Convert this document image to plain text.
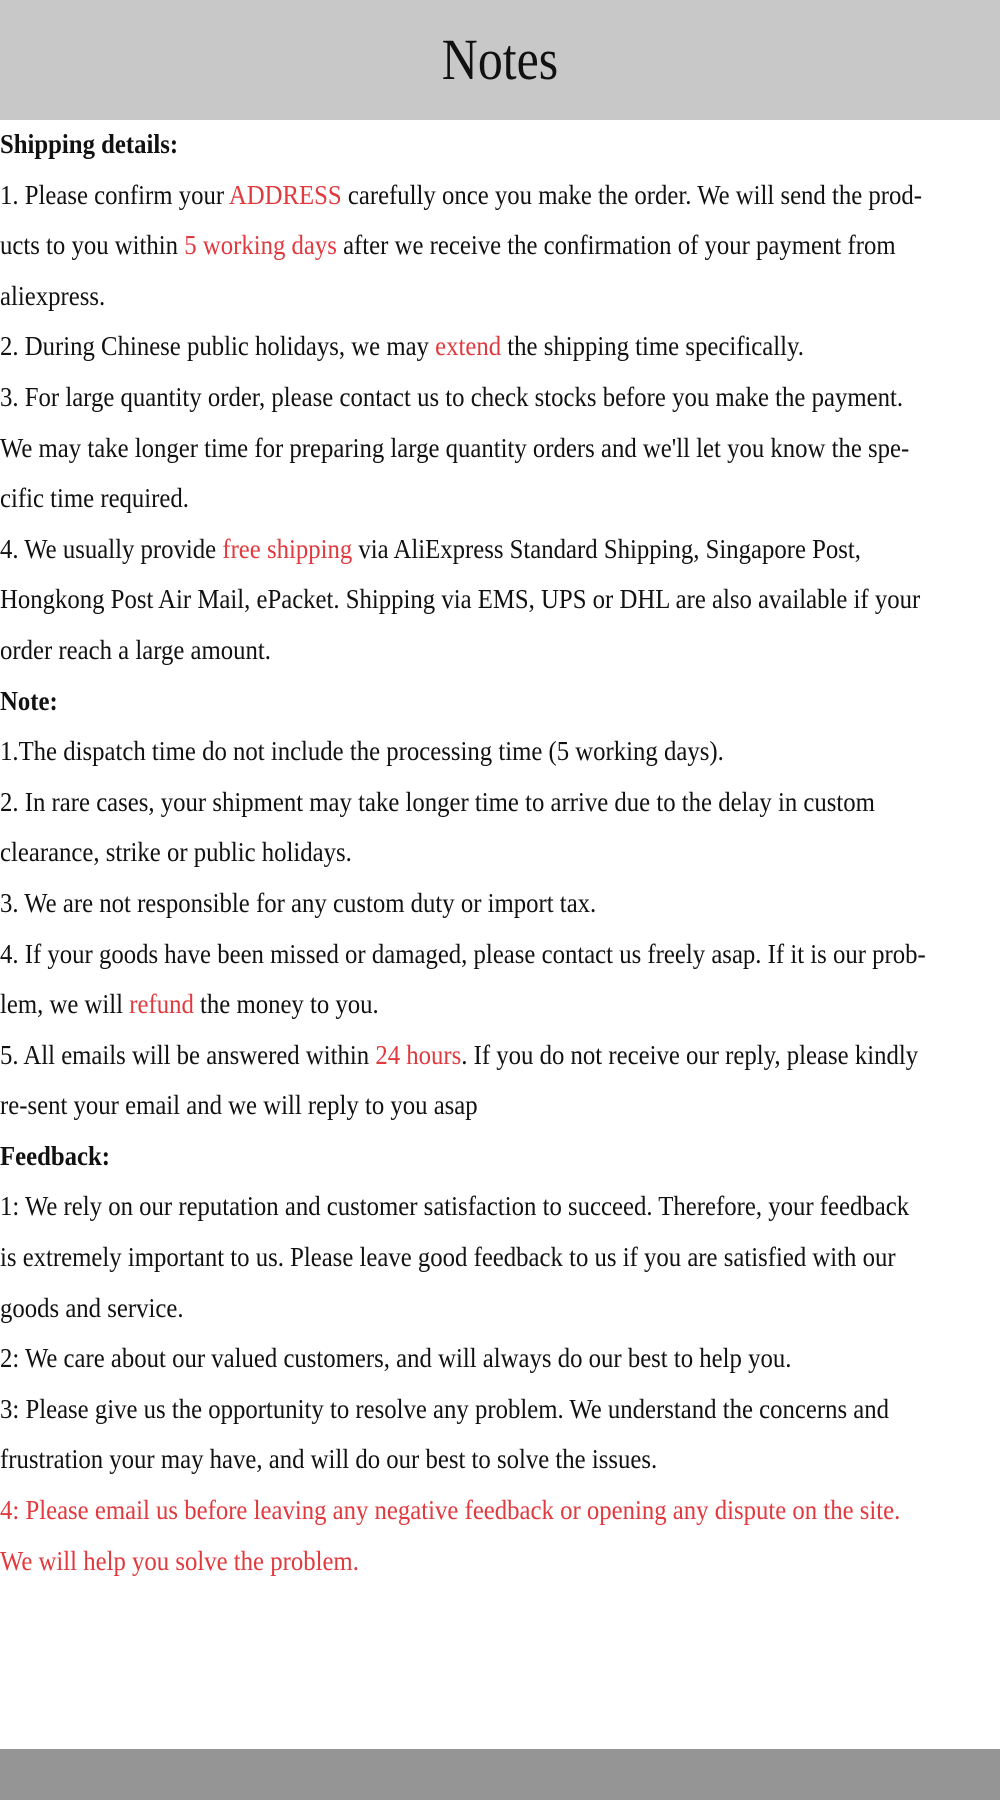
Notes
Shipping details:
1. Please confirm your ADDRESS carefully once you make the order. We will send the prod-
ucts to you within 5 working days after we receive the confirmation of your payment from
aliexpress.
2. During Chinese public holidays, we may extend the shipping time specifically.
3. For large quantity order, please contact us to check stocks before you make the payment.
We may take longer time for preparing large quantity orders and we'll let you know the spe-
cific time required.
4. We usually provide free shipping via AliExpress Standard Shipping, Singapore Post,
Hongkong Post Air Mail, ePacket. Shipping via EMS, UPS or DHL are also available if your
order reach a large amount.
Note:
1.The dispatch time do not include the processing time (5 working days).
2. In rare cases, your shipment may take longer time to arrive due to the delay in custom
clearance, strike or public holidays.
3. We are not responsible for any custom duty or import tax.
4. If your goods have been missed or damaged, please contact us freely asap. If it is our prob-
lem, we will refund the money to you.
5. All emails will be answered within 24 hours. If you do not receive our reply, please kindly
re-sent your email and we will reply to you asap
Feedback:
1: We rely on our reputation and customer satisfaction to succeed. Therefore, your feedback
is extremely important to us. Please leave good feedback to us if you are satisfied with our
goods and service.
2: We care about our valued customers, and will always do our best to help you.
3: Please give us the opportunity to resolve any problem. We understand the concerns and
frustration your may have, and will do our best to solve the issues.
4: Please email us before leaving any negative feedback or opening any dispute on the site.
We will help you solve the problem.
